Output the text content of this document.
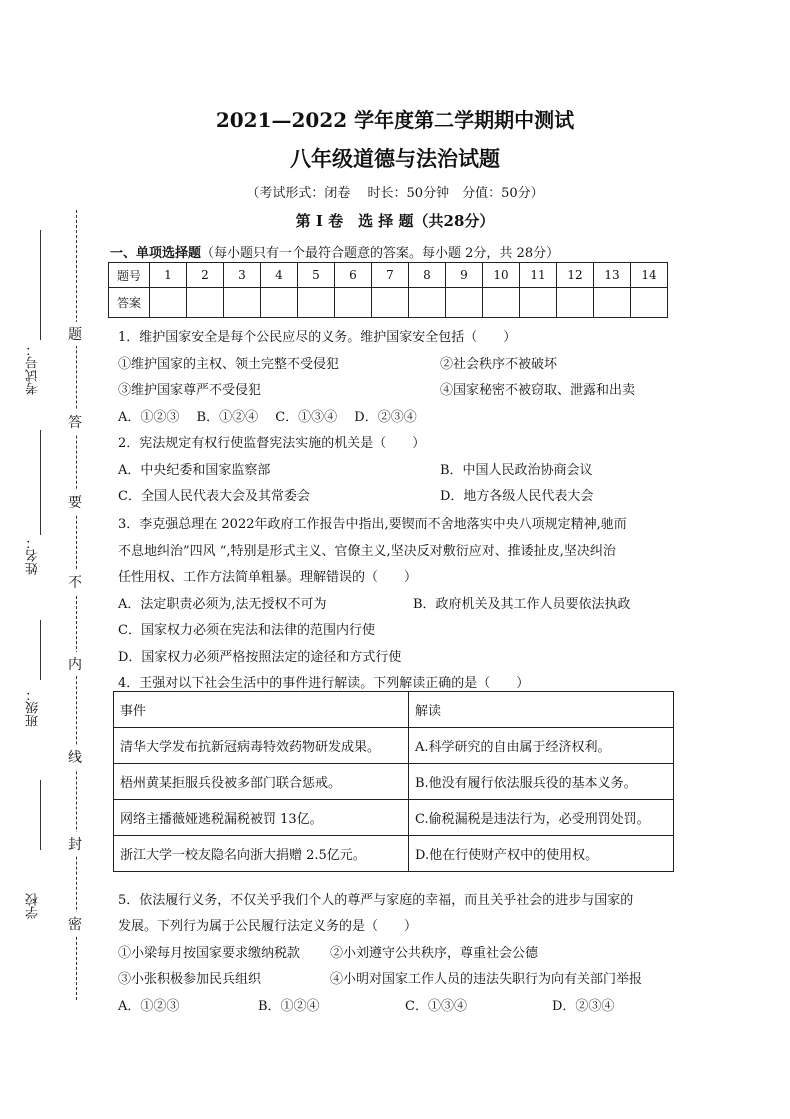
考试号：
姓名：
班级：
学校
题
答
要
不
内
线
封
密
2021—2022 学年度第二学期期中测试
八年级道德与法治试题
（考试形式：闭卷　 时长：50分钟　分值：50分）
第 I 卷　选 择 题（共28分）
一、单项选择题（每小题只有一个最符合题意的答案。每小题 2分，共 28分）
题号	1	2	3	4	5	6	7	8	9	10	11	12	13	14
答案														
1．维护国家安全是每个公民应尽的义务。维护国家安全包括（　　）
①维护国家的主权、领土完整不受侵犯	②社会秩序不被破坏
③维护国家尊严不受侵犯	④国家秘密不被窃取、泄露和出卖
A．①②③　 B．①②④　 C．①③④　 D．②③④
2．宪法规定有权行使监督宪法实施的机关是（　　）
A．中央纪委和国家监察部	B．中国人民政治协商会议
C．全国人民代表大会及其常委会	D．地方各级人民代表大会
3．李克强总理在 2022年政府工作报告中指出,要锲而不舍地落实中央八项规定精神,驰而
不息地纠治”四风 “,特别是形式主义、官僚主义,坚决反对敷衍应对、推诿扯皮,坚决纠治
任性用权、工作方法简单粗暴。理解错误的（　　）
A．法定职责必须为,法无授权不可为	B．政府机关及其工作人员要依法执政
C．国家权力必须在宪法和法律的范围内行使
D．国家权力必须严格按照法定的途径和方式行使
4．王强对以下社会生活中的事件进行解读。下列解读正确的是（　　）
事件	解读
清华大学发布抗新冠病毒特效药物研发成果。	A.科学研究的自由属于经济权利。
梧州黄某拒服兵役被多部门联合惩戒。	B.他没有履行依法服兵役的基本义务。
网络主播薇娅逃税漏税被罚 13亿。	C.偷税漏税是违法行为，必受刑罚处罚。
浙江大学一校友隐名向浙大捐赠 2.5亿元。	D.他在行使财产权中的使用权。
5．依法履行义务，不仅关乎我们个人的尊严与家庭的幸福，而且关乎社会的进步与国家的
发展。下列行为属于公民履行法定义务的是（　　）
①小梁每月按国家要求缴纳税款 ②小刘遵守公共秩序，尊重社会公德
③小张积极参加民兵组织	④小明对国家工作人员的违法失职行为向有关部门举报
A．①②③	B．①②④	C．①③④	D．②③④
